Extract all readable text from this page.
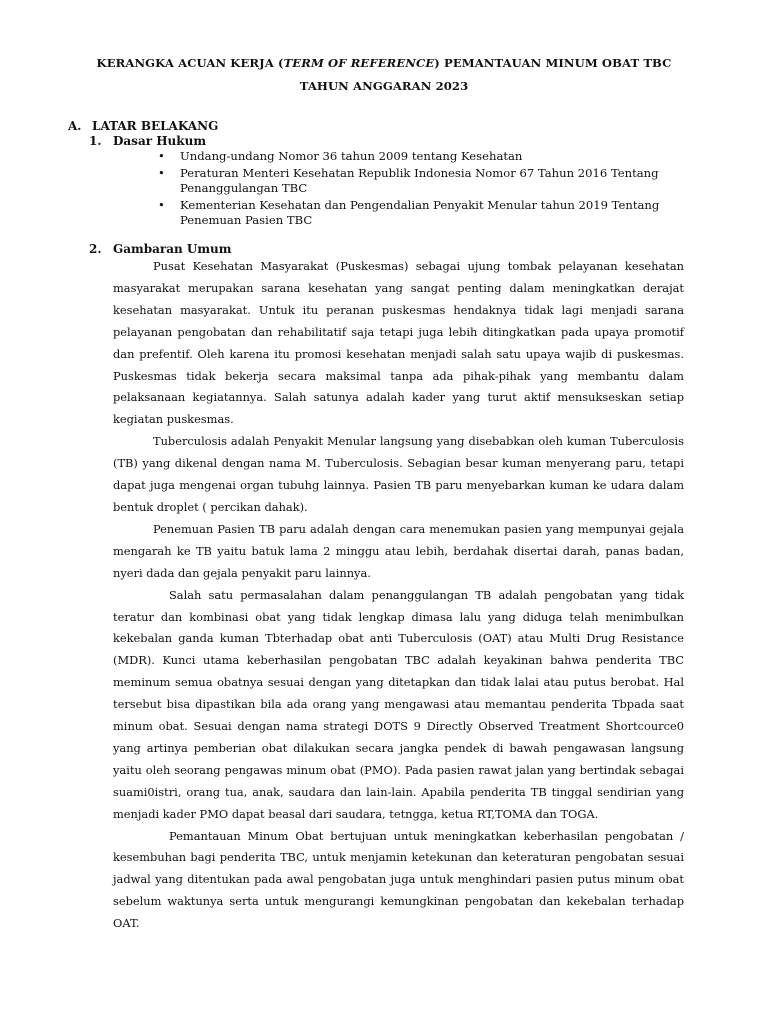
KERANGKA ACUAN KERJA (TERM OF REFERENCE) PEMANTAUAN MINUM OBAT TBC
TAHUN ANGGARAN 2023
A. LATAR BELAKANG
1. Dasar Hukum
• Undang-undang Nomor 36 tahun 2009 tentang Kesehatan
• Peraturan Menteri Kesehatan Republik Indonesia Nomor 67 Tahun 2016 Tentang Penanggulangan TBC
• Kementerian Kesehatan dan Pengendalian Penyakit Menular tahun 2019 Tentang Penemuan Pasien TBC
2. Gambaran Umum

Pusat Kesehatan Masyarakat (Puskesmas) sebagai ujung tombak pelayanan kesehatan masyarakat merupakan sarana kesehatan yang sangat penting dalam meningkatkan derajat kesehatan masyarakat. Untuk itu peranan puskesmas hendaknya tidak lagi menjadi sarana pelayanan pengobatan dan rehabilitatif saja tetapi juga lebih ditingkatkan pada upaya promotif dan prefentif. Oleh karena itu promosi kesehatan menjadi salah satu upaya wajib di puskesmas. Puskesmas tidak bekerja secara maksimal tanpa ada pihak-pihak yang membantu dalam pelaksanaan kegiatannya. Salah satunya adalah kader yang turut aktif mensukseskan setiap kegiatan puskesmas.

Tuberculosis adalah Penyakit Menular langsung yang disebabkan oleh kuman Tuberculosis (TB) yang dikenal dengan nama M. Tuberculosis. Sebagian besar kuman menyerang paru, tetapi dapat juga mengenai organ tubuhg lainnya. Pasien TB paru menyebarkan kuman ke udara dalam bentuk droplet ( percikan dahak).

Penemuan Pasien TB paru adalah dengan cara menemukan pasien yang mempunyai gejala mengarah ke TB yaitu batuk lama 2 minggu atau lebih, berdahak disertai darah, panas badan, nyeri dada dan gejala penyakit paru lainnya.

Salah satu permasalahan dalam penanggulangan TB adalah pengobatan yang tidak teratur dan kombinasi obat yang tidak lengkap dimasa lalu yang diduga telah menimbulkan kekebalan ganda kuman Tbterhadap obat anti Tuberculosis (OAT) atau Multi Drug Resistance (MDR). Kunci utama keberhasilan pengobatan TBC adalah keyakinan bahwa penderita TBC meminum semua obatnya sesuai dengan yang ditetapkan dan tidak lalai atau putus berobat. Hal tersebut bisa dipastikan bila ada orang yang mengawasi atau memantau penderita Tbpada saat minum obat. Sesuai dengan nama strategi DOTS 9 Directly Observed Treatment Shortcource0 yang artinya pemberian obat dilakukan secara jangka pendek di bawah pengawasan langsung yaitu oleh seorang pengawas minum obat (PMO). Pada pasien rawat jalan yang bertindak sebagai suami0istri, orang tua, anak, saudara dan lain-lain. Apabila penderita TB tinggal sendirian yang menjadi kader PMO dapat beasal dari saudara, tetngga, ketua RT,TOMA dan TOGA.

Pemantauan Minum Obat bertujuan untuk meningkatkan keberhasilan pengobatan / kesembuhan bagi penderita TBC, untuk menjamin ketekunan dan keteraturan pengobatan sesuai jadwal yang ditentukan pada awal pengobatan juga untuk menghindari pasien putus minum obat sebelum waktunya serta untuk mengurangi kemungkinan pengobatan dan kekebalan terhadap OAT.
